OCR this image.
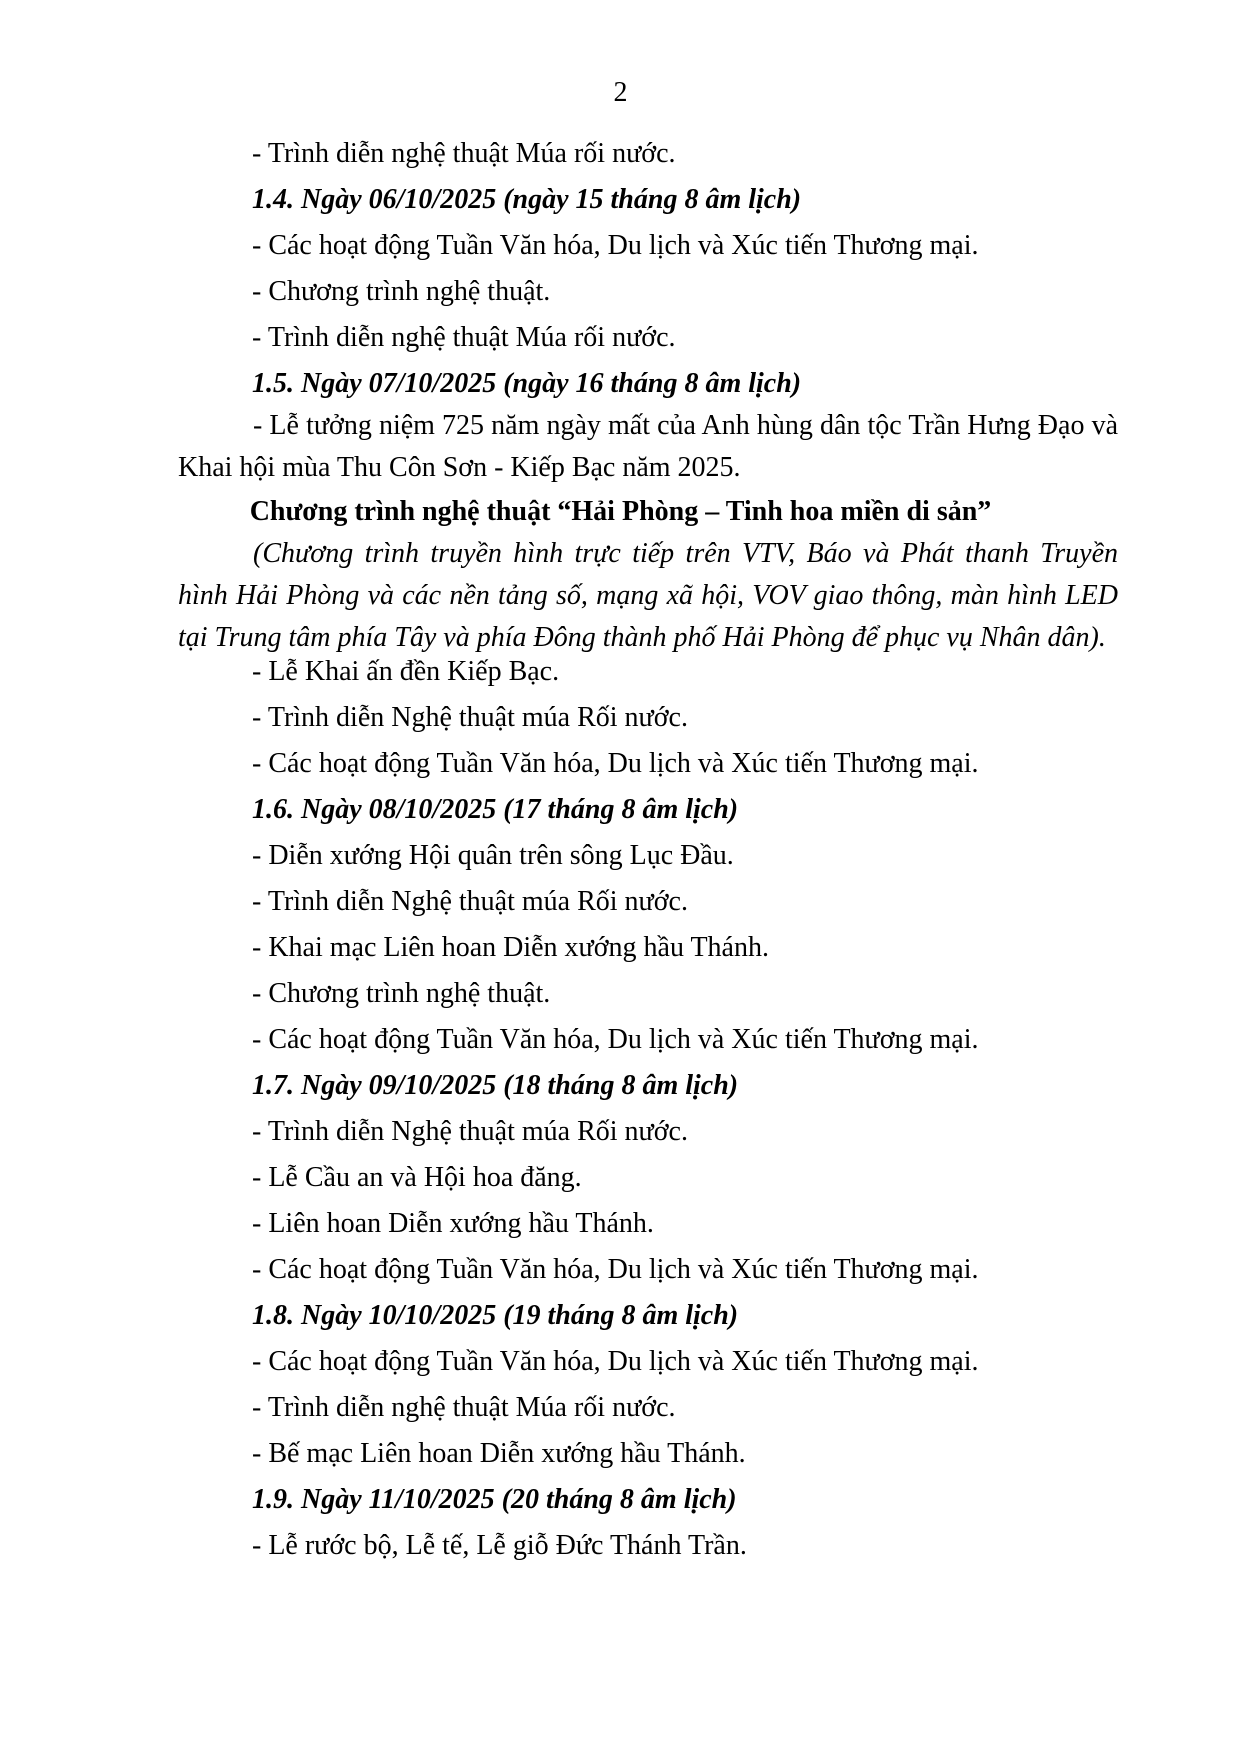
2
- Trình diễn nghệ thuật Múa rối nước.
1.4. Ngày 06/10/2025 (ngày 15 tháng 8 âm lịch)
- Các hoạt động Tuần Văn hóa, Du lịch và Xúc tiến Thương mại.
- Chương trình nghệ thuật.
- Trình diễn nghệ thuật Múa rối nước.
1.5. Ngày 07/10/2025 (ngày 16 tháng 8 âm lịch)
- Lễ tưởng niệm 725 năm ngày mất của Anh hùng dân tộc Trần Hưng Đạo và Khai hội mùa Thu Côn Sơn - Kiếp Bạc năm 2025.
Chương trình nghệ thuật “Hải Phòng – Tinh hoa miền di sản”
(Chương trình truyền hình trực tiếp trên VTV, Báo và Phát thanh Truyền hình Hải Phòng và các nền tảng số, mạng xã hội, VOV giao thông, màn hình LED tại Trung tâm phía Tây và phía Đông thành phố Hải Phòng để phục vụ Nhân dân).
- Lễ Khai ấn đền Kiếp Bạc.
- Trình diễn Nghệ thuật múa Rối nước.
- Các hoạt động Tuần Văn hóa, Du lịch và Xúc tiến Thương mại.
1.6. Ngày 08/10/2025 (17 tháng 8 âm lịch)
- Diễn xướng Hội quân trên sông Lục Đầu.
- Trình diễn Nghệ thuật múa Rối nước.
- Khai mạc Liên hoan Diễn xướng hầu Thánh.
- Chương trình nghệ thuật.
- Các hoạt động Tuần Văn hóa, Du lịch và Xúc tiến Thương mại.
1.7. Ngày 09/10/2025 (18 tháng 8 âm lịch)
- Trình diễn Nghệ thuật múa Rối nước.
- Lễ Cầu an và Hội hoa đăng.
- Liên hoan Diễn xướng hầu Thánh.
- Các hoạt động Tuần Văn hóa, Du lịch và Xúc tiến Thương mại.
1.8. Ngày 10/10/2025 (19 tháng 8 âm lịch)
- Các hoạt động Tuần Văn hóa, Du lịch và Xúc tiến Thương mại.
- Trình diễn nghệ thuật Múa rối nước.
- Bế mạc Liên hoan Diễn xướng hầu Thánh.
1.9. Ngày 11/10/2025 (20 tháng 8 âm lịch)
- Lễ rước bộ, Lễ tế, Lễ giỗ Đức Thánh Trần.
